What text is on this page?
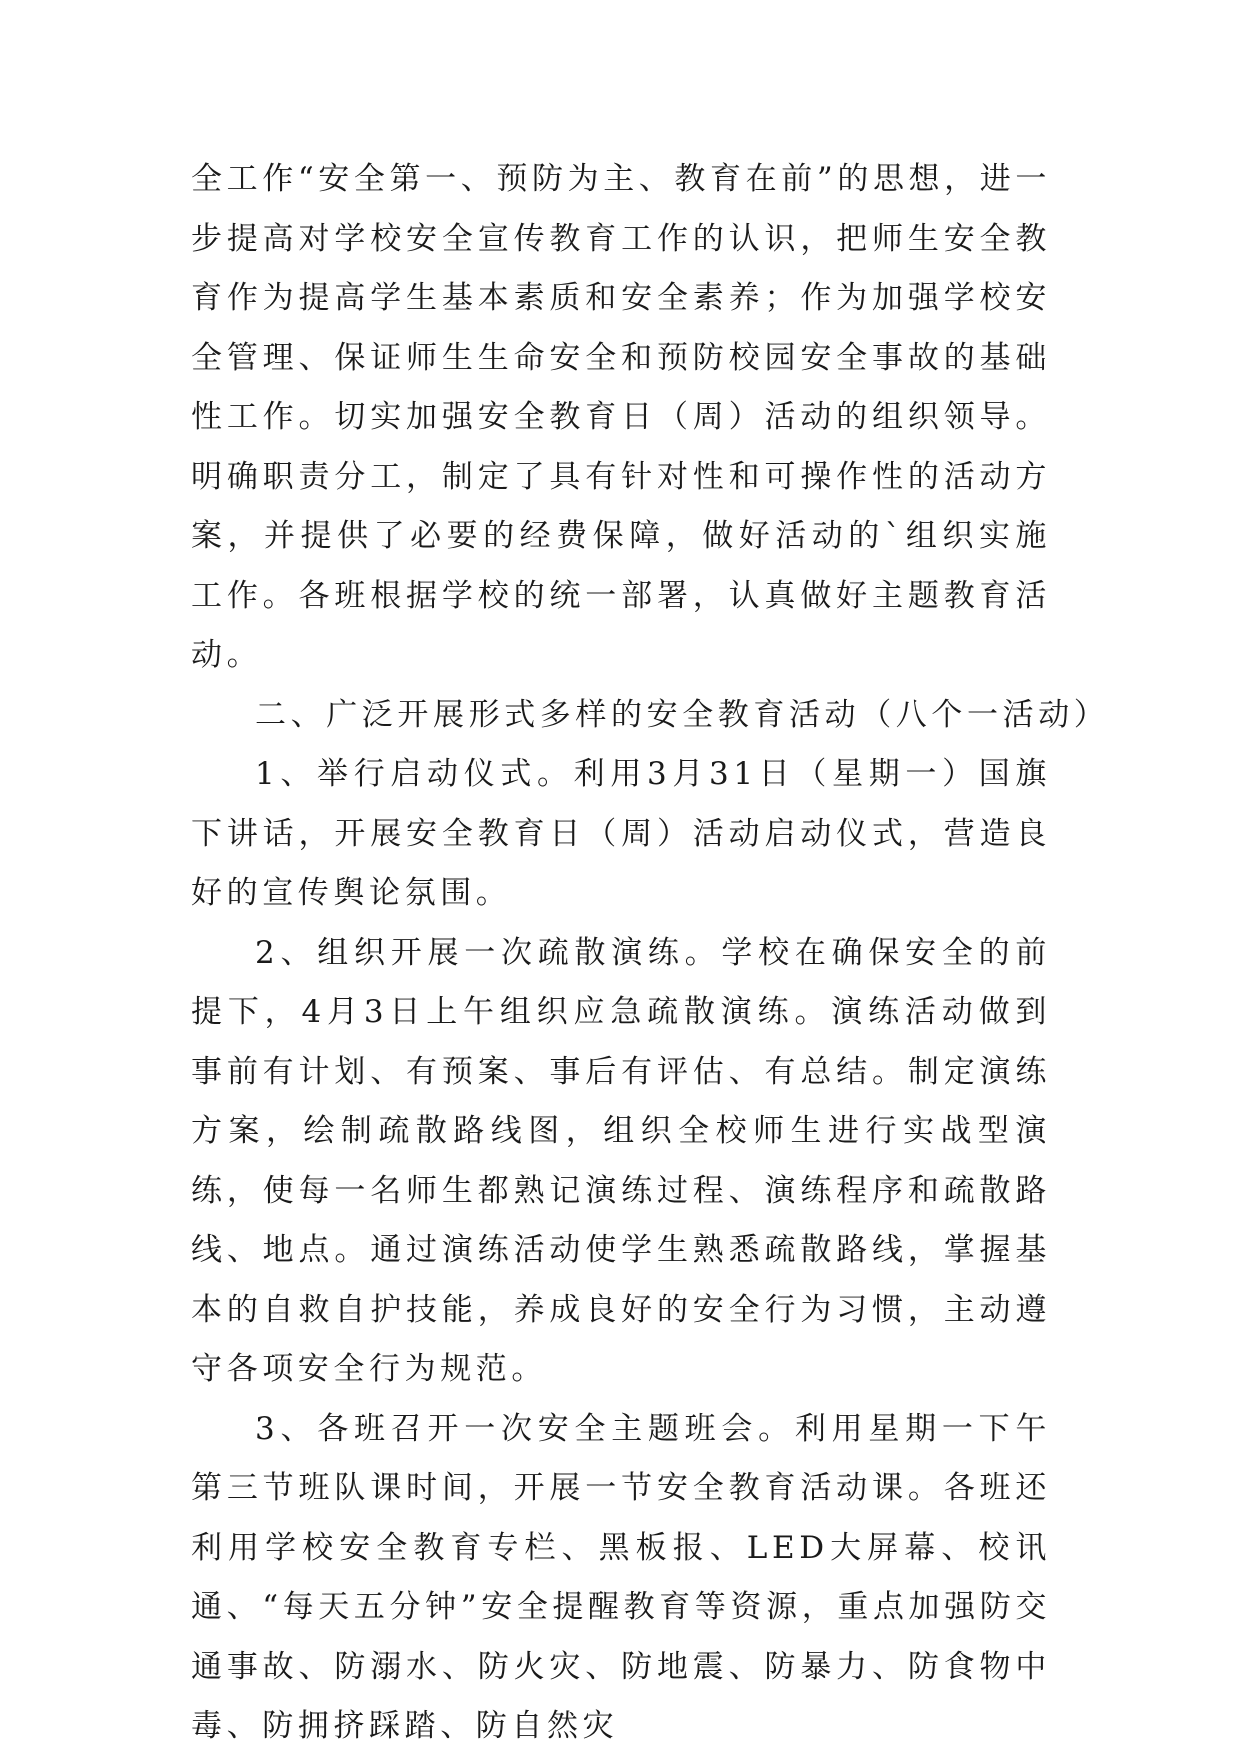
全工作“安全第一、预防为主、教育在前”的思想，进一步提高对学校安全宣传教育工作的认识，把师生安全教育作为提高学生基本素质和安全素养；作为加强学校安全管理、保证师生生命安全和预防校园安全事故的基础性工作。切实加强安全教育日（周）活动的组织领导。明确职责分工，制定了具有针对性和可操作性的活动方案，并提供了必要的经费保障，做好活动的`组织实施工作。各班根据学校的统一部署，认真做好主题教育活动。

二、广泛开展形式多样的安全教育活动（八个一活动）

1、举行启动仪式。利用3月31日（星期一）国旗下讲话，开展安全教育日（周）活动启动仪式，营造良好的宣传舆论氛围。

2、组织开展一次疏散演练。学校在确保安全的前提下，4月3日上午组织应急疏散演练。演练活动做到事前有计划、有预案、事后有评估、有总结。制定演练方案，绘制疏散路线图，组织全校师生进行实战型演练，使每一名师生都熟记演练过程、演练程序和疏散路线、地点。通过演练活动使学生熟悉疏散路线，掌握基本的自救自护技能，养成良好的安全行为习惯，主动遵守各项安全行为规范。

3、各班召开一次安全主题班会。利用星期一下午第三节班队课时间，开展一节安全教育活动课。各班还利用学校安全教育专栏、黑板报、LED大屏幕、校讯通、“每天五分钟”安全提醒教育等资源，重点加强防交通事故、防溺水、防火灾、防地震、防暴力、防食物中毒、防拥挤踩踏、防自然灾
